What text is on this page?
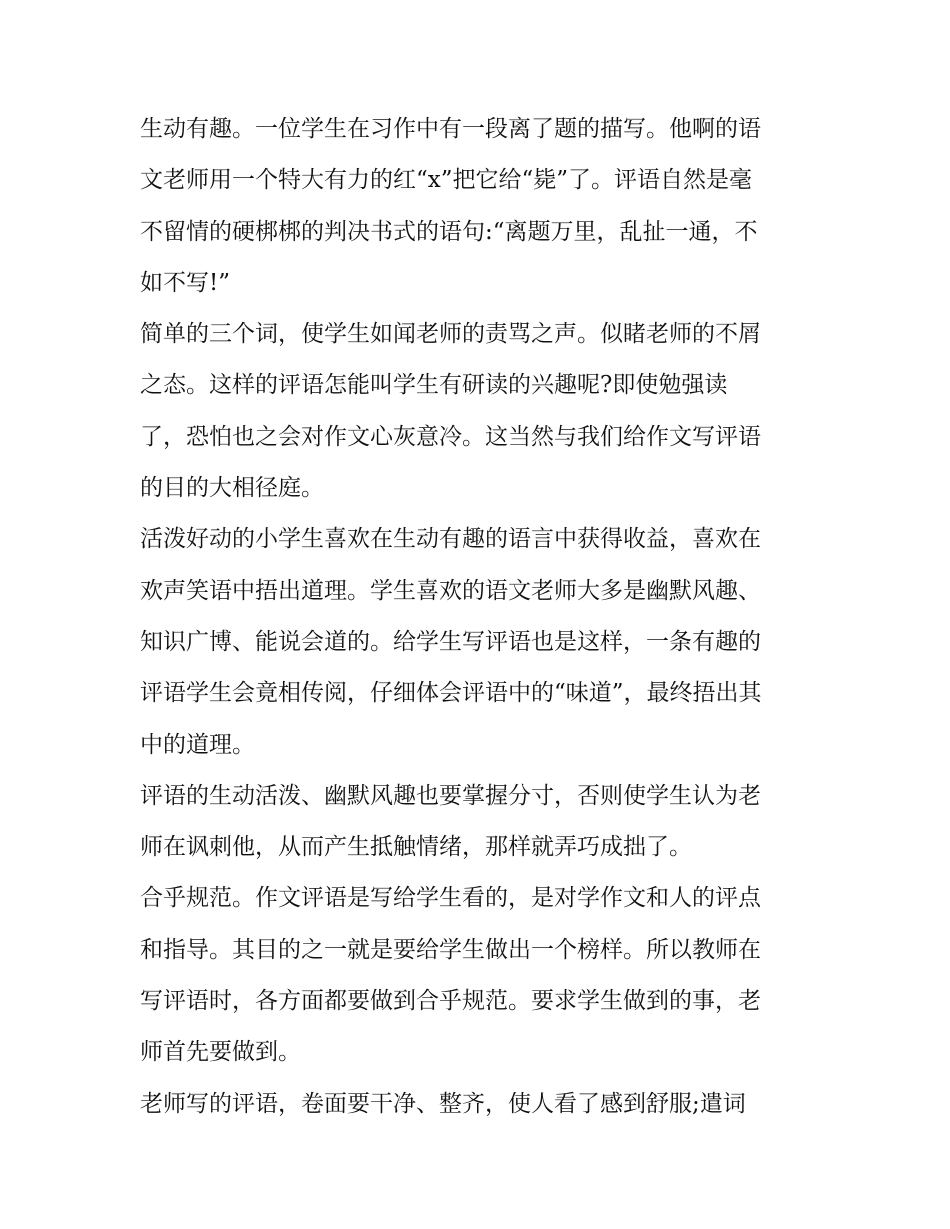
生动有趣。一位学生在习作中有一段离了题的描写。他啊的语
文老师用一个特大有力的红“x”把它给“毙”了。评语自然是毫
不留情的硬梆梆的判决书式的语句:“离题万里，乱扯一通，不
如不写!”
简单的三个词，使学生如闻老师的责骂之声。似睹老师的不屑
之态。这样的评语怎能叫学生有研读的兴趣呢?即使勉强读
了，恐怕也之会对作文心灰意冷。这当然与我们给作文写评语
的目的大相径庭。
活泼好动的小学生喜欢在生动有趣的语言中获得收益，喜欢在
欢声笑语中捂出道理。学生喜欢的语文老师大多是幽默风趣、
知识广博、能说会道的。给学生写评语也是这样，一条有趣的
评语学生会竟相传阅，仔细体会评语中的“味道”，最终捂出其
中的道理。
评语的生动活泼、幽默风趣也要掌握分寸，否则使学生认为老
师在讽刺他，从而产生抵触情绪，那样就弄巧成拙了。
合乎规范。作文评语是写给学生看的，是对学作文和人的评点
和指导。其目的之一就是要给学生做出一个榜样。所以教师在
写评语时，各方面都要做到合乎规范。要求学生做到的事，老
师首先要做到。
老师写的评语，卷面要干净、整齐，使人看了感到舒服;遣词
